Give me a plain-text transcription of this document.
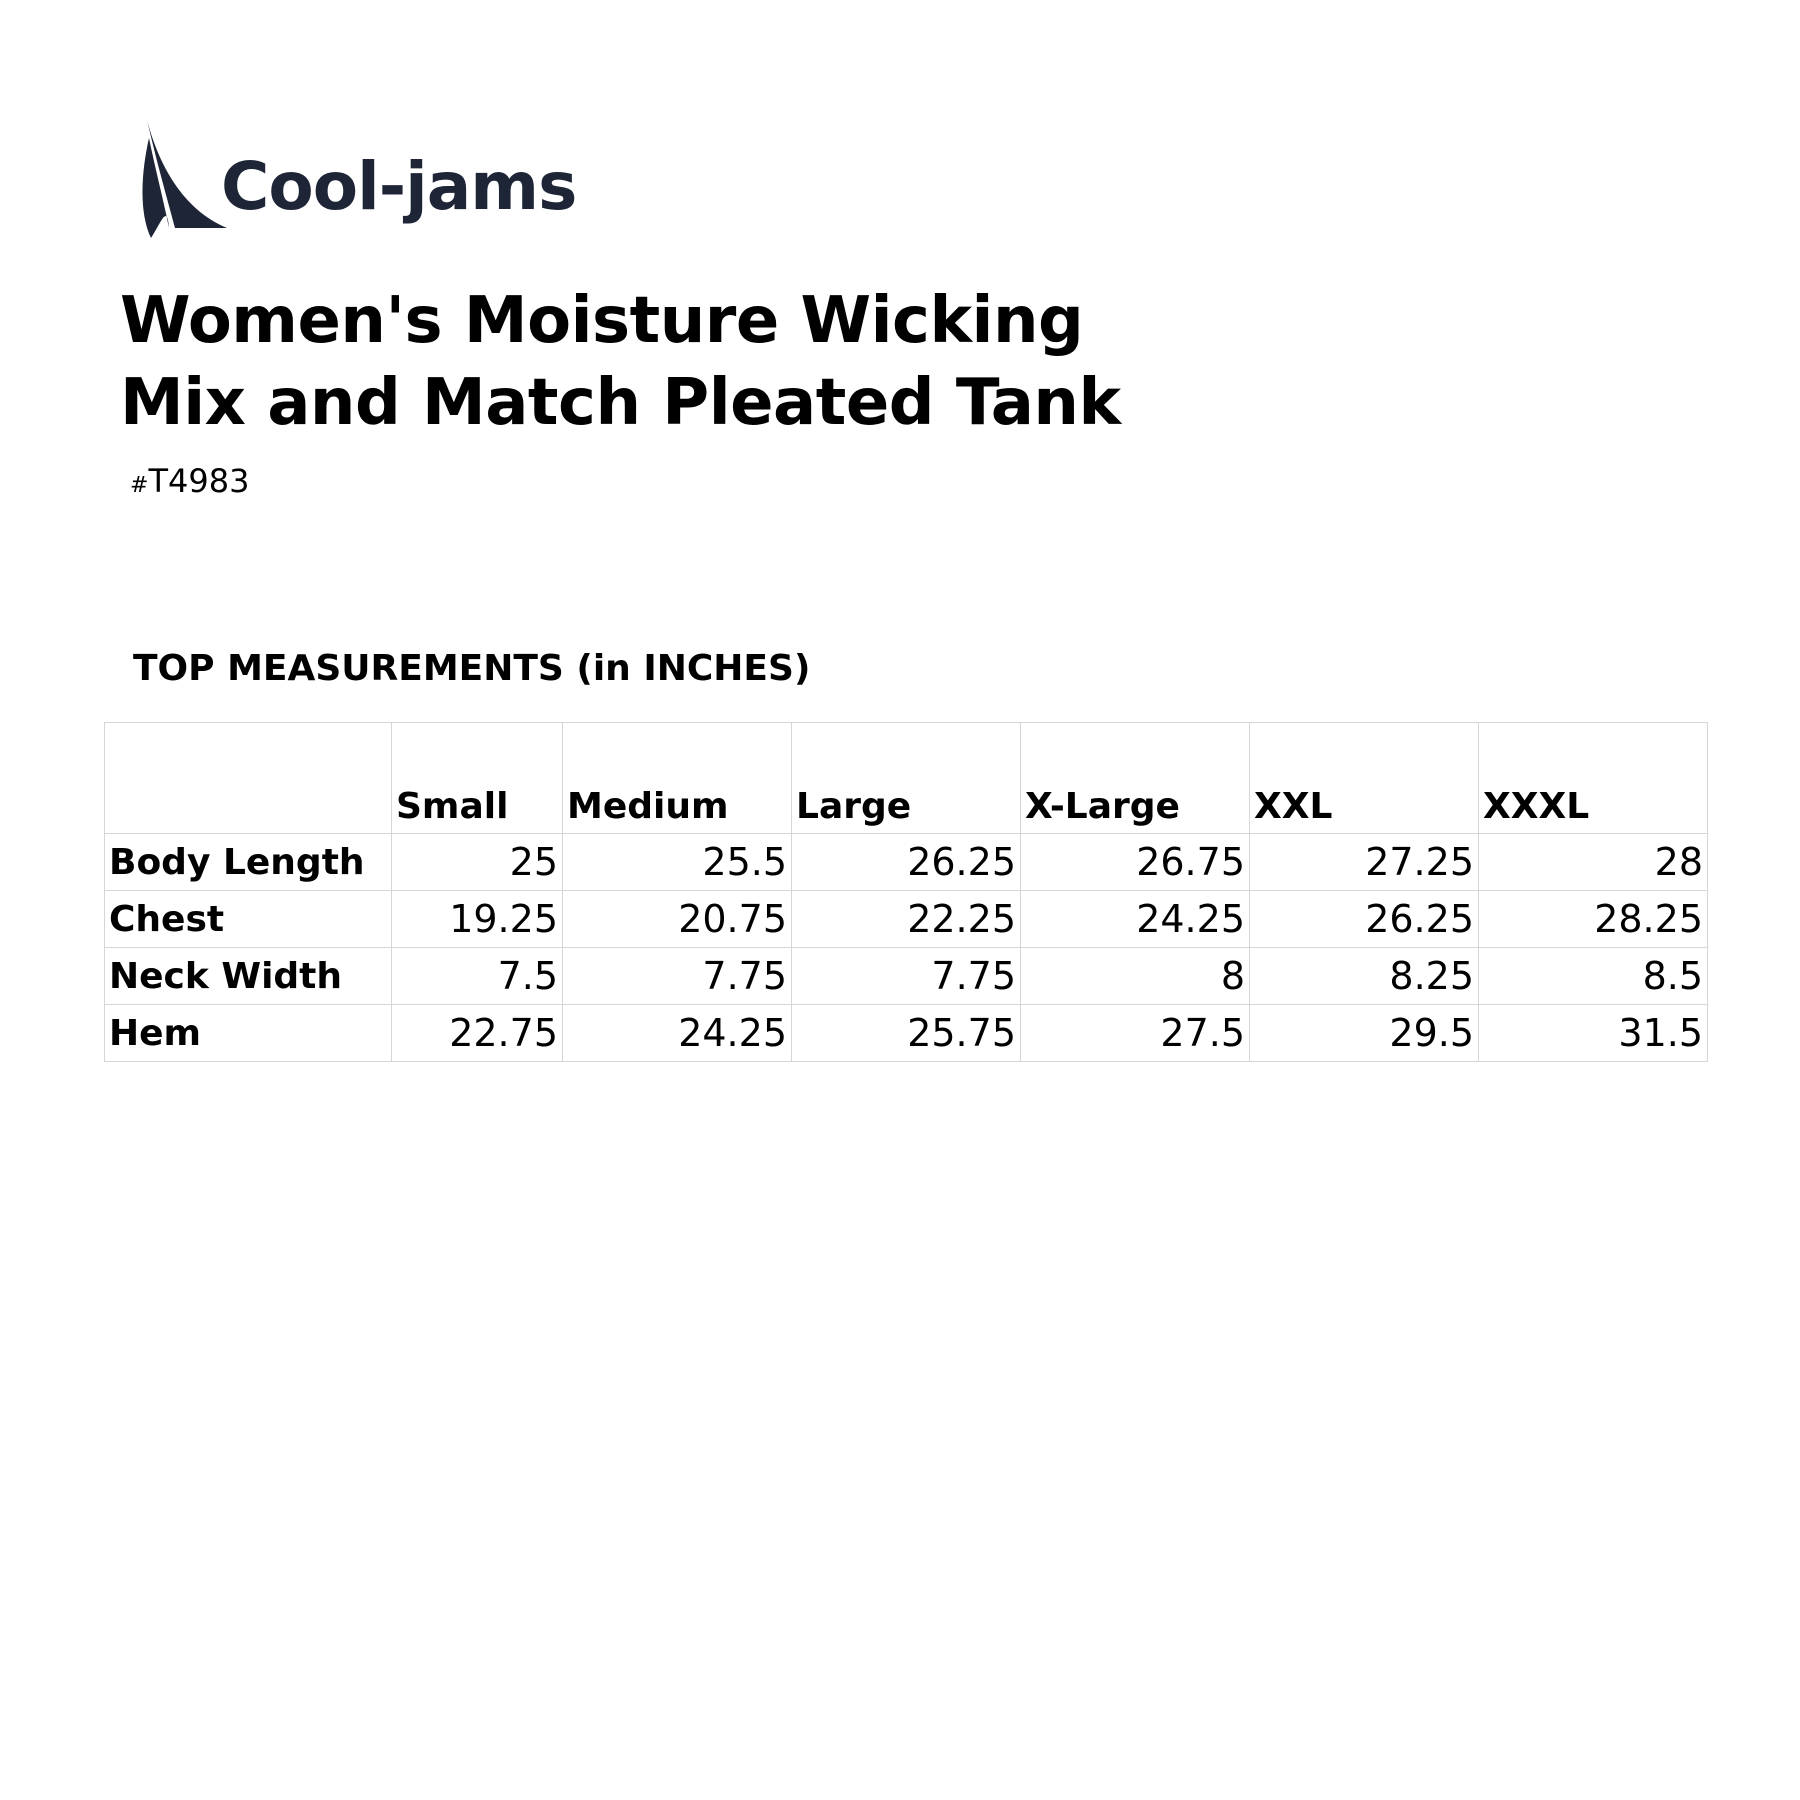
Cool-jams
Women's Moisture Wicking
Mix and Match Pleated Tank
#T4983
TOP MEASUREMENTS (in INCHES)
	Small	Medium	Large	X-Large	XXL	XXXL
Body Length	25	25.5	26.25	26.75	27.25	28
Chest	19.25	20.75	22.25	24.25	26.25	28.25
Neck Width	7.5	7.75	7.75	8	8.25	8.5
Hem	22.75	24.25	25.75	27.5	29.5	31.5
